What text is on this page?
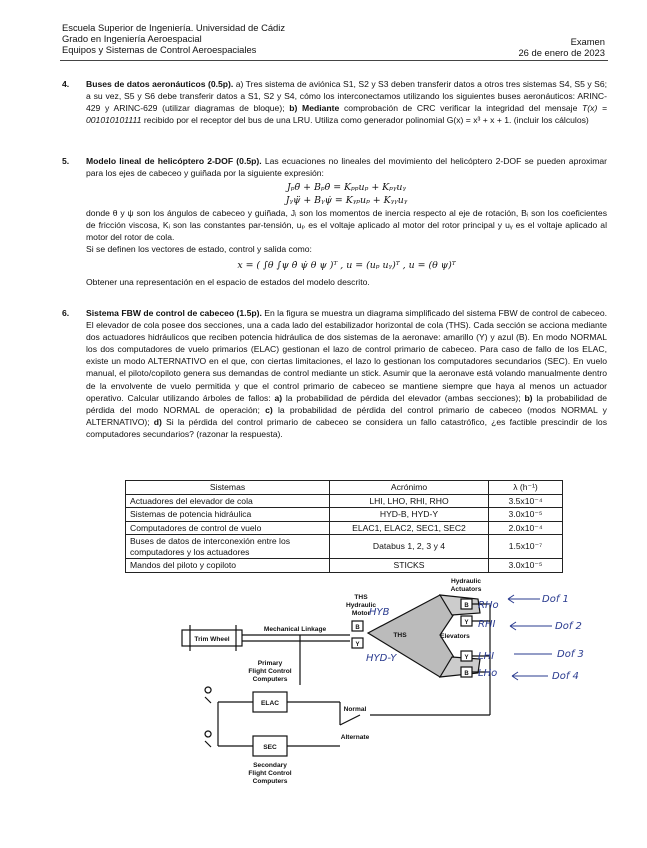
Escuela Superior de Ingeniería. Universidad de Cádiz
Grado en Ingeniería Aeroespacial
Equipos y Sistemas de Control Aeroespaciales
Examen
26 de enero de 2023
4. Buses de datos aeronáuticos (0.5p). a) Tres sistema de aviónica S1, S2 y S3 deben transferir datos a otros tres sistemas S4, S5 y S6; a su vez, S5 y S6 debe transferir datos a S1, S2 y S4, cómo los interconectamos utilizando los siguientes buses aeronáuticos: ARINC-429 y ARINC-629 (utilizar diagramas de bloque); b) Mediante comprobación de CRC verificar la integridad del mensaje T(x) = 001010101111 recibido por el receptor del bus de una LRU. Utiliza como generador polinomial G(x) = x³ + x + 1. (incluir los cálculos)
5. Modelo lineal de helicóptero 2-DOF (0.5p). Las ecuaciones no lineales del movimiento del helicóptero 2-DOF se pueden aproximar para los ejes de cabeceo y guiñada por la siguiente expresión:
Jₚθ̈ + Bₚθ̇ = Kₚₚuₚ + Kₚᵧuᵧ
Jᵧψ̈ + Bᵧψ̇ = Kᵧₚuₚ + Kᵧᵧuᵧ
donde θ y ψ son los ángulos de cabeceo y guiñada, Jᵢ son los momentos de inercia respecto al eje de rotación, Bᵢ son los coeficientes de fricción viscosa, Kᵢ son las constantes par-tensión, uₚ es el voltaje aplicado al motor del rotor principal y uᵧ es el voltaje aplicado al motor del rotor de cola.
Si se definen los vectores de estado, control y salida como:
x = ( ∫θ ∫ψ θ̇ ψ̇ θ ψ )ᵀ , u = (uₚ uᵧ)ᵀ , u = (θ ψ)ᵀ
Obtener una representación en el espacio de estados del modelo descrito.
6. Sistema FBW de control de cabeceo (1.5p). En la figura se muestra un diagrama simplificado del sistema FBW de control de cabeceo. El elevador de cola posee dos secciones, una a cada lado del estabilizador horizontal de cola (THS). Cada sección se acciona mediante dos actuadores hidráulicos que reciben potencia hidráulica de dos sistemas de la aeronave: amarillo (Y) y azul (B). En modo NORMAL los dos computadores de vuelo primarios (ELAC) gestionan el lazo de control primario de cabeceo. Para caso de fallo de los ELAC, existe un modo ALTERNATIVO en el que, con ciertas limitaciones, el lazo lo gestionan los computadores secundarios (SEC). En vuelo manual, el piloto/copiloto genera sus demandas de control mediante un stick. Asumir que la aeronave está volando manualmente dentro de la envolvente de vuelo permitida y que el control primario de cabeceo se mantiene siempre que haya al menos un actuador operativo. Calcular utilizando árboles de fallos: a) la probabilidad de pérdida del elevador (ambas secciones); b) la probabilidad de pérdida del modo NORMAL de operación; c) la probabilidad de pérdida del control primario de cabeceo (modos NORMAL y ALTERNATIVO); d) Si la pérdida del control primario de cabeceo se considera un fallo catastrófico, ¿es factible prescindir de los computadores secundarios? (razonar la respuesta).
Sistemas	Acrónimo	λ (h⁻¹)
Actuadores del elevador de cola	LHI, LHO, RHI, RHO	3.5x10⁻⁴
Sistemas de potencia hidráulica	HYD-B, HYD-Y	3.0x10⁻⁵
Computadores de control de vuelo	ELAC1, ELAC2, SEC1, SEC2	2.0x10⁻⁴
Buses de datos de interconexión entre los computadores y los actuadores	Databus 1, 2, 3 y 4	1.5x10⁻⁷
Mandos del piloto y copiloto	STICKS	3.0x10⁻⁵
Trim Wheel
Mechanical Linkage
THS
Hydraulic
Motor
THS
Hydraulic
Actuators
Elevators
Primary
Flight Control
Computers
ELAC
SEC
Secondary
Flight Control
Computers
Normal
Alternate
B
Y
B
Y
Y
B
HYB
HYD-Y
RHo
RHI
LHI
LHo
Dof 1
Dof 2
Dof 3
Dof 4
